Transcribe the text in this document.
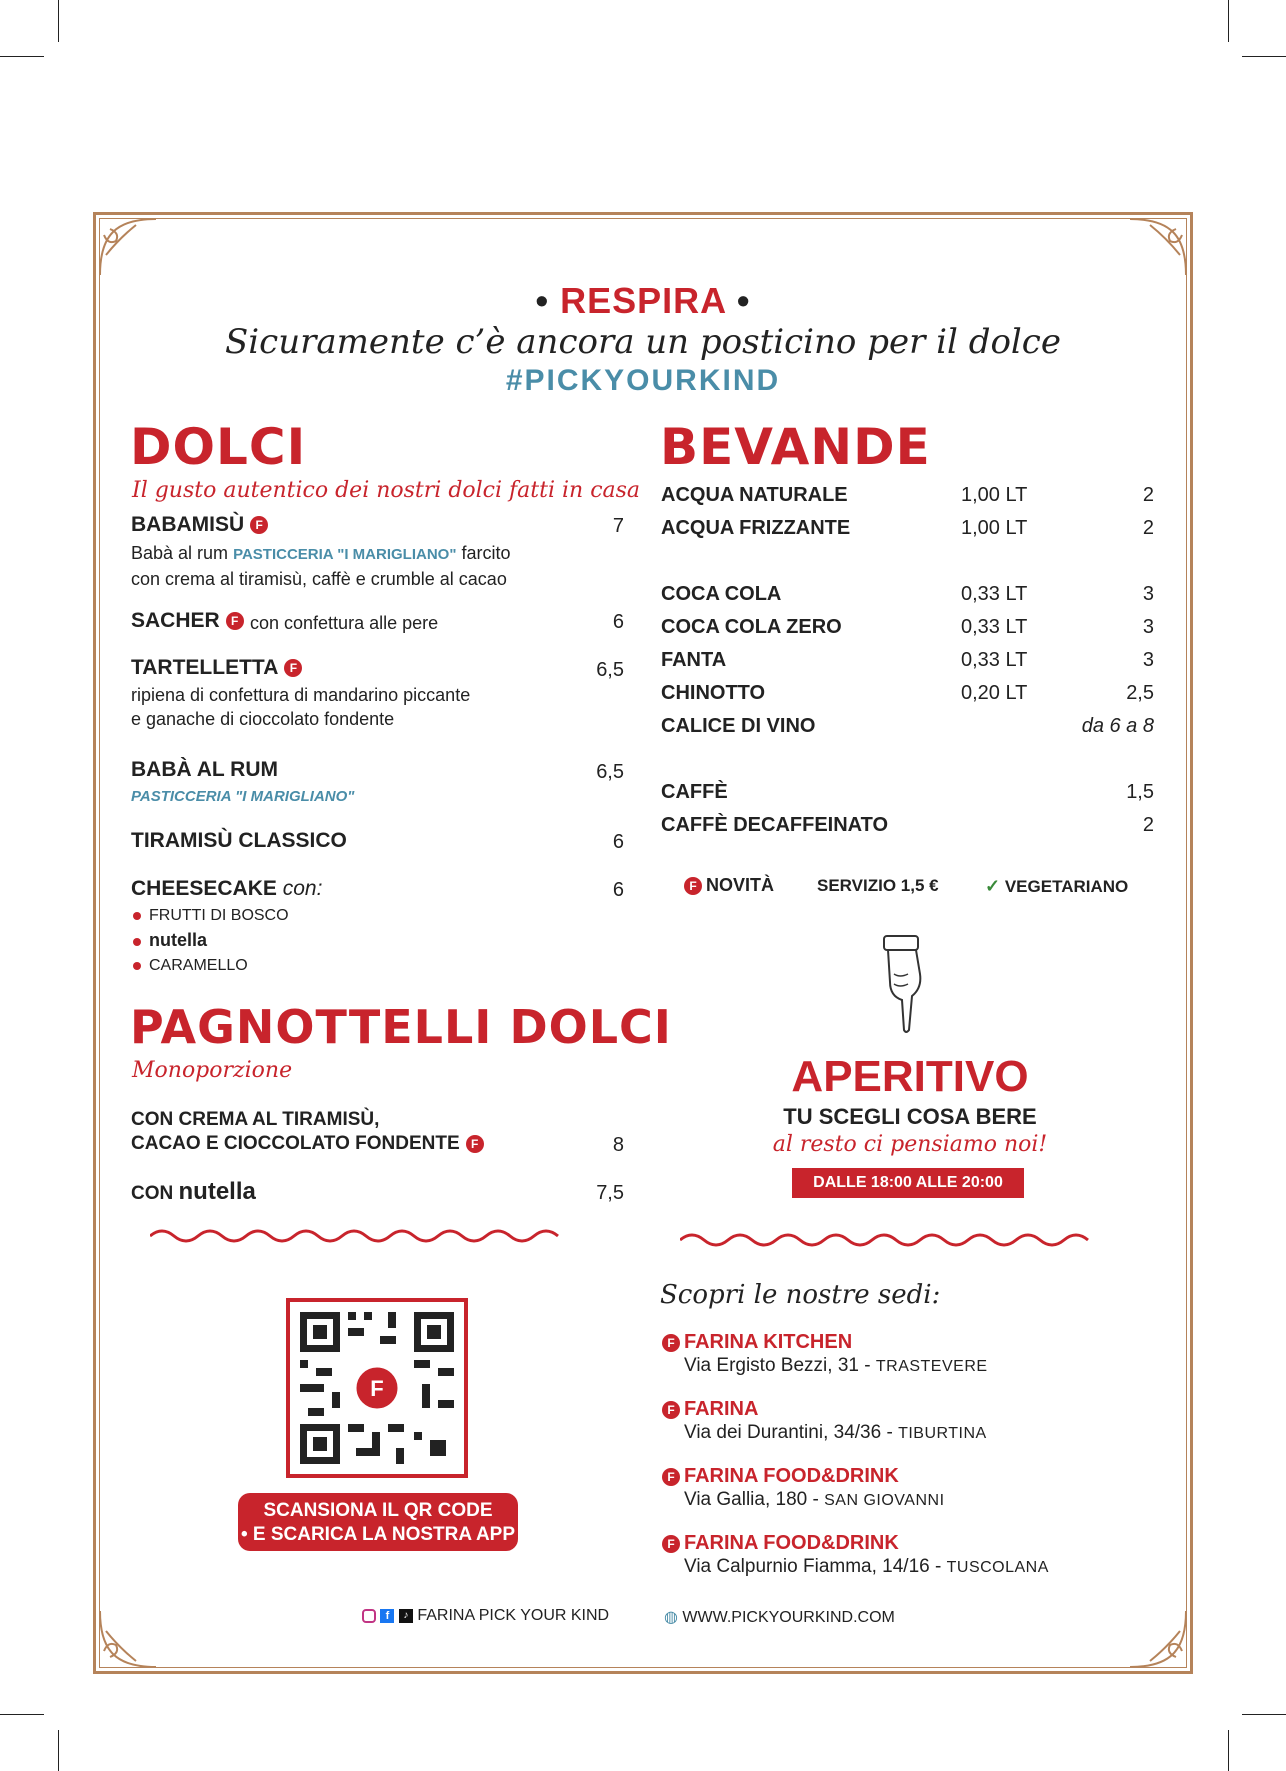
• RESPIRA •
Sicuramente c’è ancora un posticino per il dolce
#PICKYOURKIND
DOLCI
Il gusto autentico dei nostri dolci fatti in casa
BABAMISÙ F	7
Babà al rum PASTICCERIA "I MARIGLIANO" farcito
con crema al tiramisù, caffè e crumble al cacao
SACHER F con confettura alle pere	6
TARTELLETTA F	6,5
ripiena di confettura di mandarino piccante
e ganache di cioccolato fondente
BABÀ AL RUM	6,5
PASTICCERIA "I MARIGLIANO"
TIRAMISÙ CLASSICO	6
CHEESECAKE con:	6
FRUTTI DI BOSCO
nutella
CARAMELLO
PAGNOTTELLI DOLCI
Monoporzione
CON CREMA AL TIRAMISÙ,
CACAO E CIOCCOLATO FONDENTE F	8
CON nutella	7,5
BEVANDE
ACQUA NATURALE	1,00 LT	2
ACQUA FRIZZANTE	1,00 LT	2
COCA COLA	0,33 LT	3
COCA COLA ZERO	0,33 LT	3
FANTA	0,33 LT	3
CHINOTTO	0,20 LT	2,5
CALICE DI VINO	da 6 a 8
CAFFÈ	1,5
CAFFÈ DECAFFEINATO	2
F NOVITÀ	SERVIZIO 1,5 €	✓ VEGETARIANO
APERITIVO
TU SCEGLI COSA BERE
al resto ci pensiamo noi!
DALLE 18:00 ALLE 20:00
F
SCANSIONA IL QR CODE
• E SCARICA LA NOSTRA APP •
Scopri le nostre sedi:
F FARINA KITCHEN
Via Ergisto Bezzi, 31 - TRASTEVERE
F FARINA
Via dei Durantini, 34/36 - TIBURTINA
F FARINA FOOD&DRINK
Via Gallia, 180 - SAN GIOVANNI
F FARINA FOOD&DRINK
Via Calpurnio Fiamma, 14/16 - TUSCOLANA
f ♪ FARINA PICK YOUR KIND	◍ WWW.PICKYOURKIND.COM
